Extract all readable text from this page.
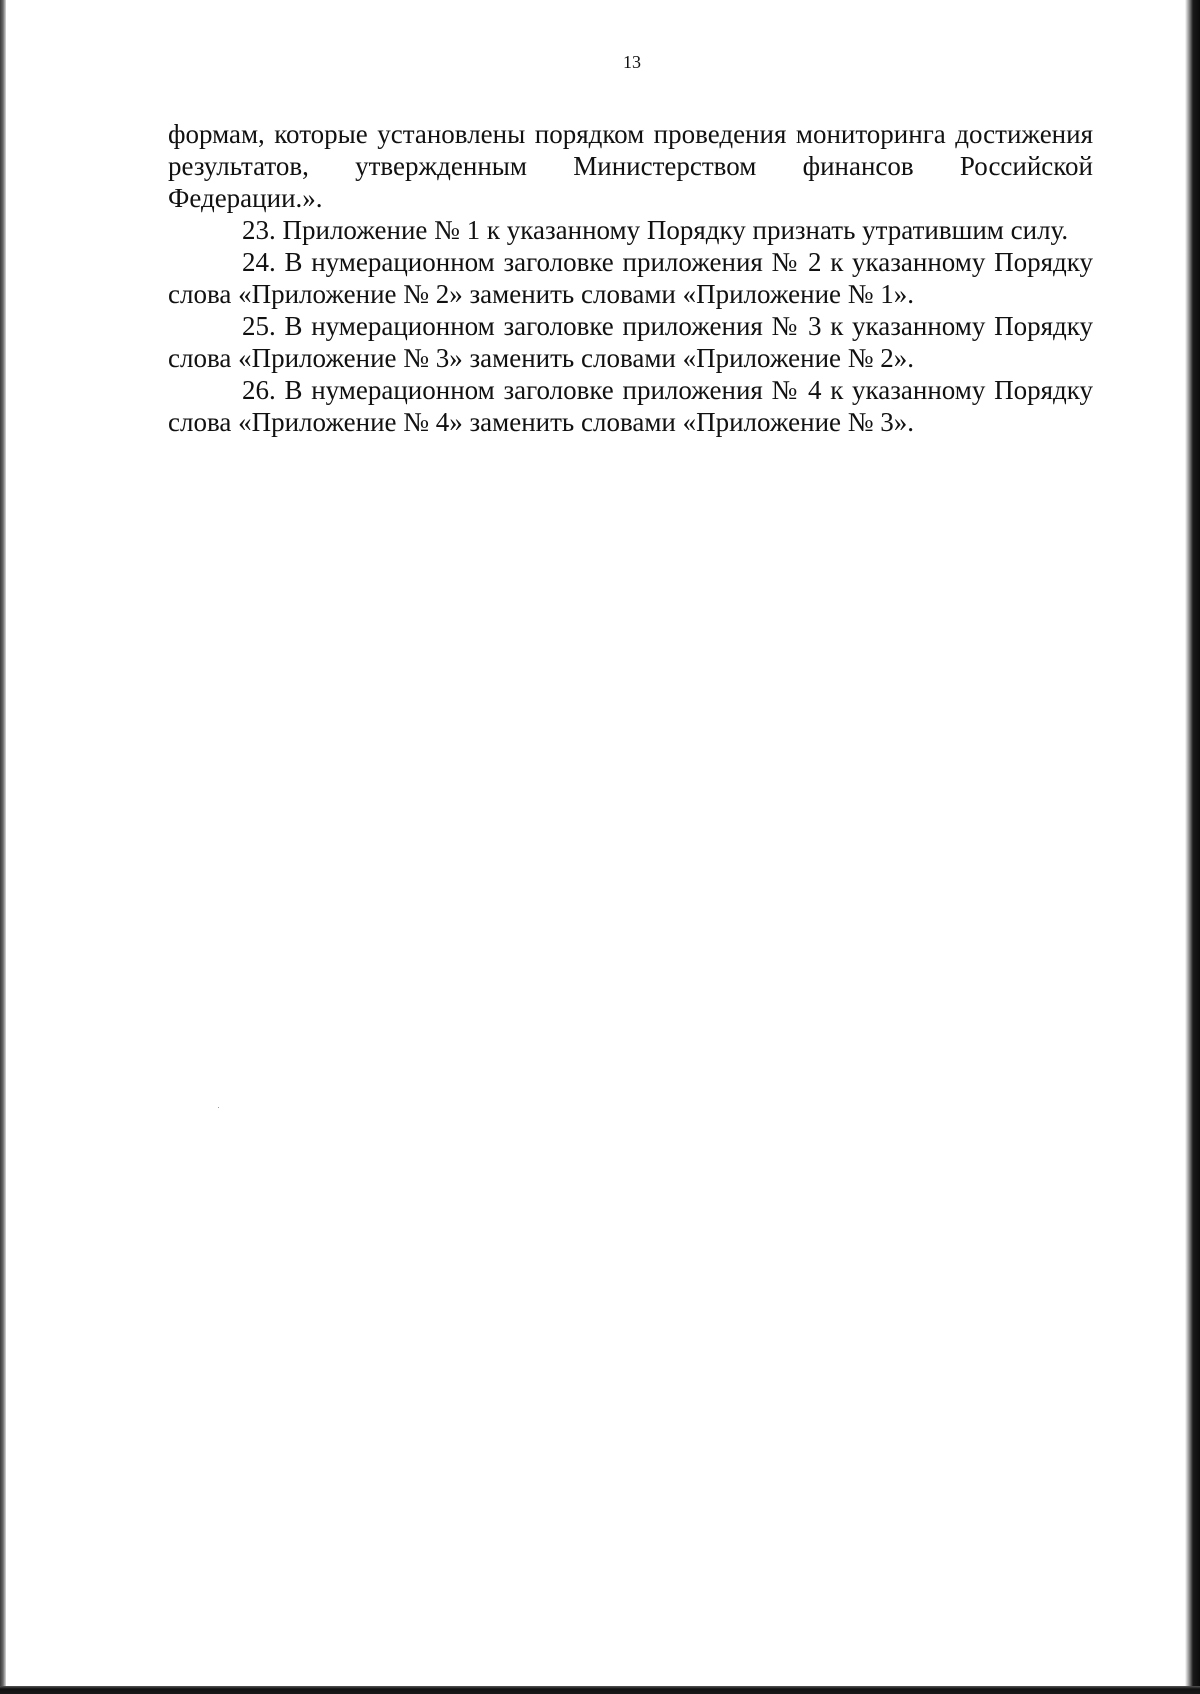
13

формам, которые установлены порядком проведения мониторинга достижения результатов, утвержденным Министерством финансов Российской Федерации.».

23. Приложение № 1 к указанному Порядку признать утратившим силу.

24. В нумерационном заголовке приложения № 2 к указанному Порядку слова «Приложение № 2» заменить словами «Приложение № 1».

25. В нумерационном заголовке приложения № 3 к указанному Порядку слова «Приложение № 3» заменить словами «Приложение № 2».

26. В нумерационном заголовке приложения № 4 к указанному Порядку слова «Приложение № 4» заменить словами «Приложение № 3».
